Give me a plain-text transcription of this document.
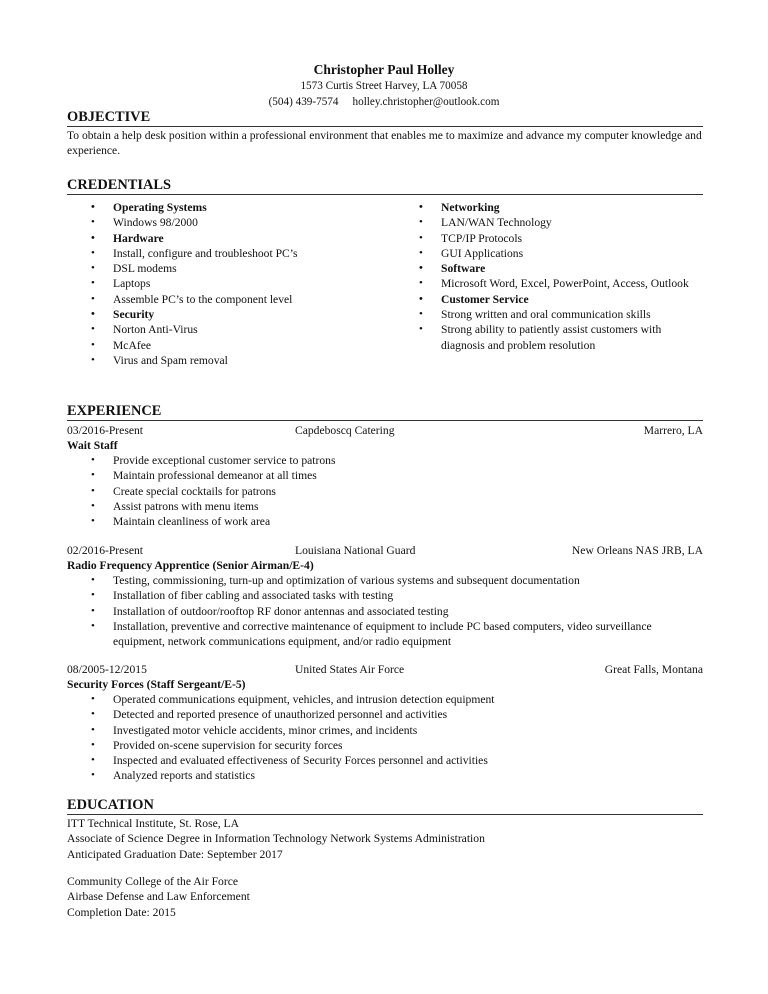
Christopher Paul Holley
1573 Curtis Street Harvey, LA 70058
(504) 439-7574 holley.christopher@outlook.com
OBJECTIVE
To obtain a help desk position within a professional environment that enables me to maximize and advance my computer knowledge and experience.
CREDENTIALS
• Operating Systems
• Windows 98/2000
• Hardware
• Install, configure and troubleshoot PC’s
• DSL modems
• Laptops
• Assemble PC’s to the component level
• Security
• Norton Anti-Virus
• McAfee
• Virus and Spam removal
• Networking
• LAN/WAN Technology
• TCP/IP Protocols
• GUI Applications
• Software
• Microsoft Word, Excel, PowerPoint, Access, Outlook
• Customer Service
• Strong written and oral communication skills
• Strong ability to patiently assist customers with diagnosis and problem resolution
EXPERIENCE
03/2016-Present	Capdeboscq Catering	Marrero, LA
Wait Staff
• Provide exceptional customer service to patrons
• Maintain professional demeanor at all times
• Create special cocktails for patrons
• Assist patrons with menu items
• Maintain cleanliness of work area
02/2016-Present	Louisiana National Guard	New Orleans NAS JRB, LA
Radio Frequency Apprentice (Senior Airman/E-4)
• Testing, commissioning, turn-up and optimization of various systems and subsequent documentation
• Installation of fiber cabling and associated tasks with testing
• Installation of outdoor/rooftop RF donor antennas and associated testing
• Installation, preventive and corrective maintenance of equipment to include PC based computers, video surveillance equipment, network communications equipment, and/or radio equipment
08/2005-12/2015	United States Air Force	Great Falls, Montana
Security Forces (Staff Sergeant/E-5)
• Operated communications equipment, vehicles, and intrusion detection equipment
• Detected and reported presence of unauthorized personnel and activities
• Investigated motor vehicle accidents, minor crimes, and incidents
• Provided on-scene supervision for security forces
• Inspected and evaluated effectiveness of Security Forces personnel and activities
• Analyzed reports and statistics
EDUCATION
ITT Technical Institute, St. Rose, LA
Associate of Science Degree in Information Technology Network Systems Administration
Anticipated Graduation Date: September 2017
Community College of the Air Force
Airbase Defense and Law Enforcement
Completion Date: 2015
